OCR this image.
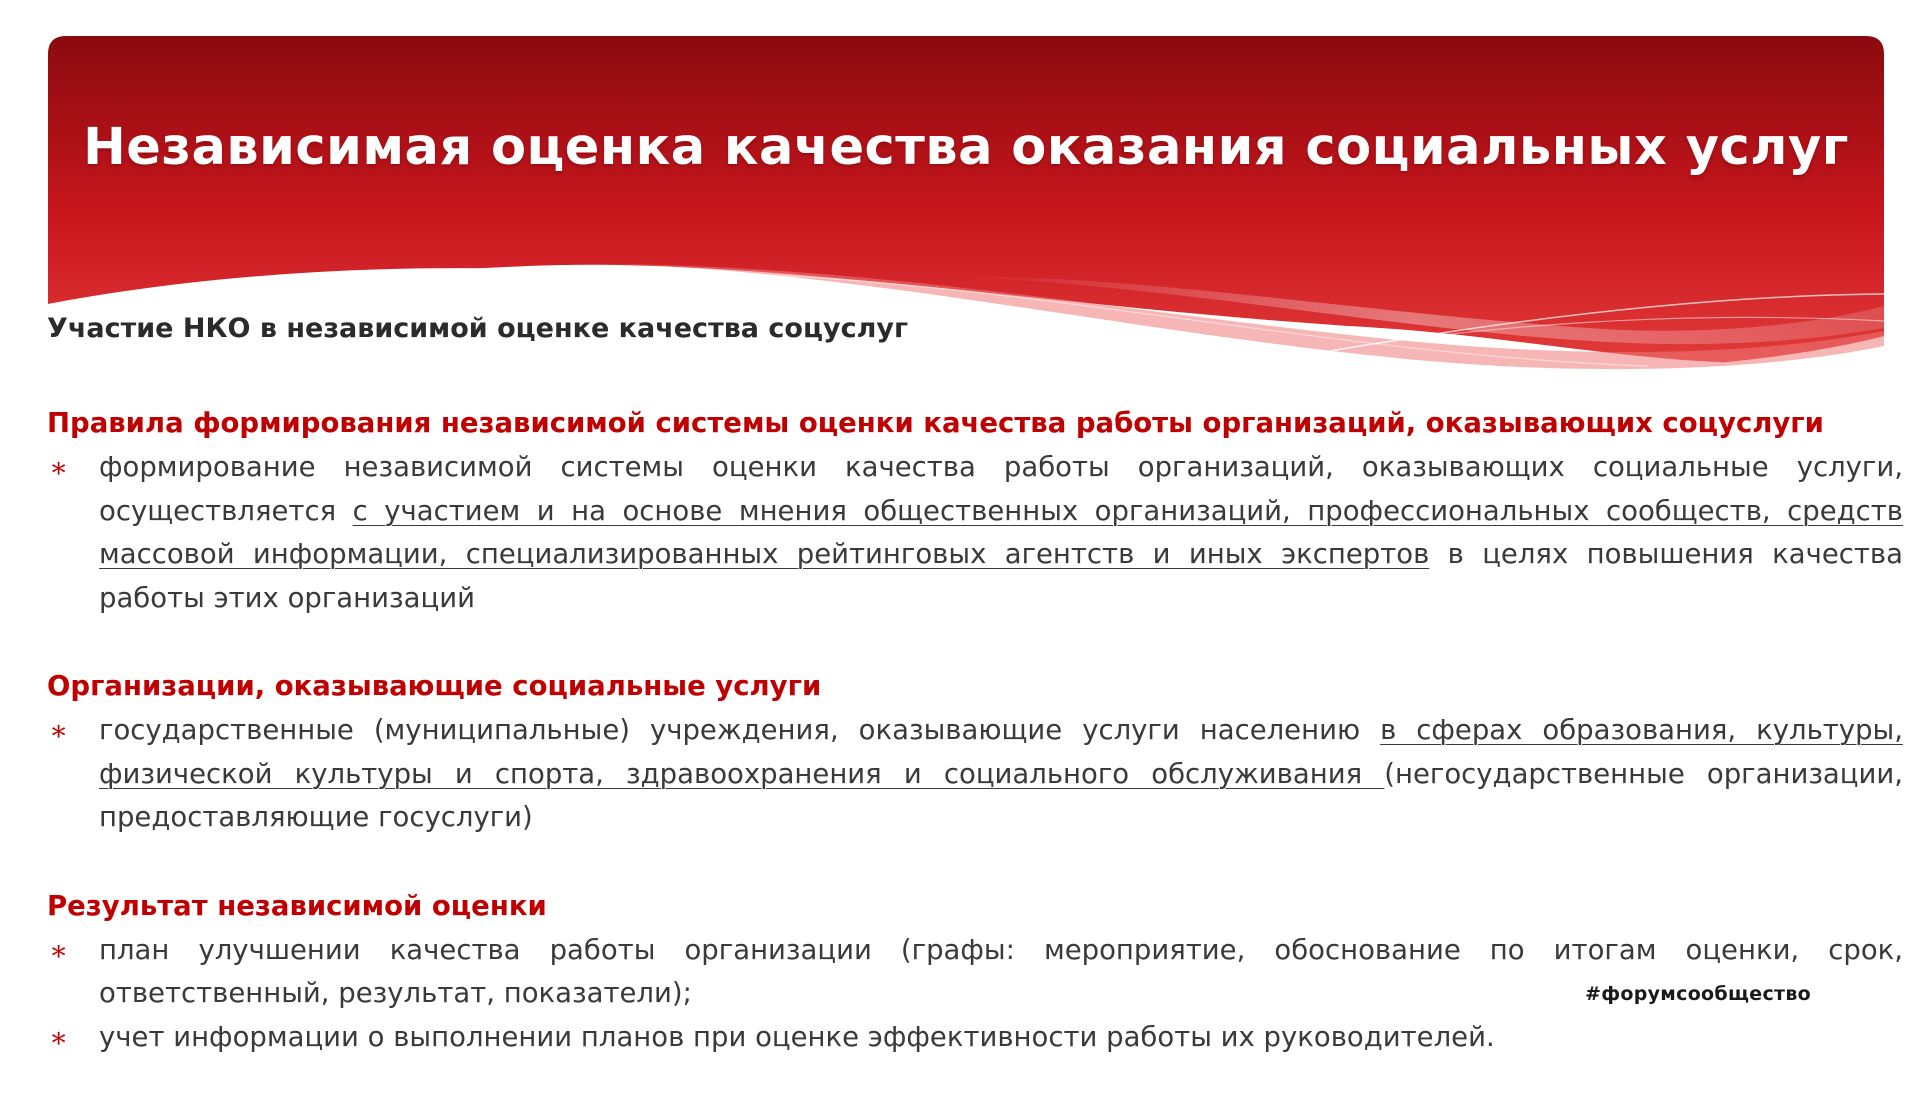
Независимая оценка качества оказания социальных услуг
Участие НКО в независимой оценке качества соцуслуг
Правила формирования независимой системы оценки качества работы организаций, оказывающих соцуслуги
∗ формирование независимой системы оценки качества работы организаций, оказывающих социальные услуги, осуществляется с участием и на основе мнения общественных организаций, профессиональных сообществ, средств массовой информации, специализированных рейтинговых агентств и иных экспертов в целях повышения качества работы этих организаций
Организации, оказывающие социальные услуги
∗ государственные (муниципальные) учреждения, оказывающие услуги населению в сферах образования, культуры, физической культуры и спорта, здравоохранения и социального обслуживания (негосударственные организации, предоставляющие госуслуги)
Результат независимой оценки
∗ план улучшении качества работы организации (графы: мероприятие, обоснование по итогам оценки, срок, ответственный, результат, показатели);
∗ учет информации о выполнении планов при оценке эффективности работы их руководителей.
#форумсообщество
